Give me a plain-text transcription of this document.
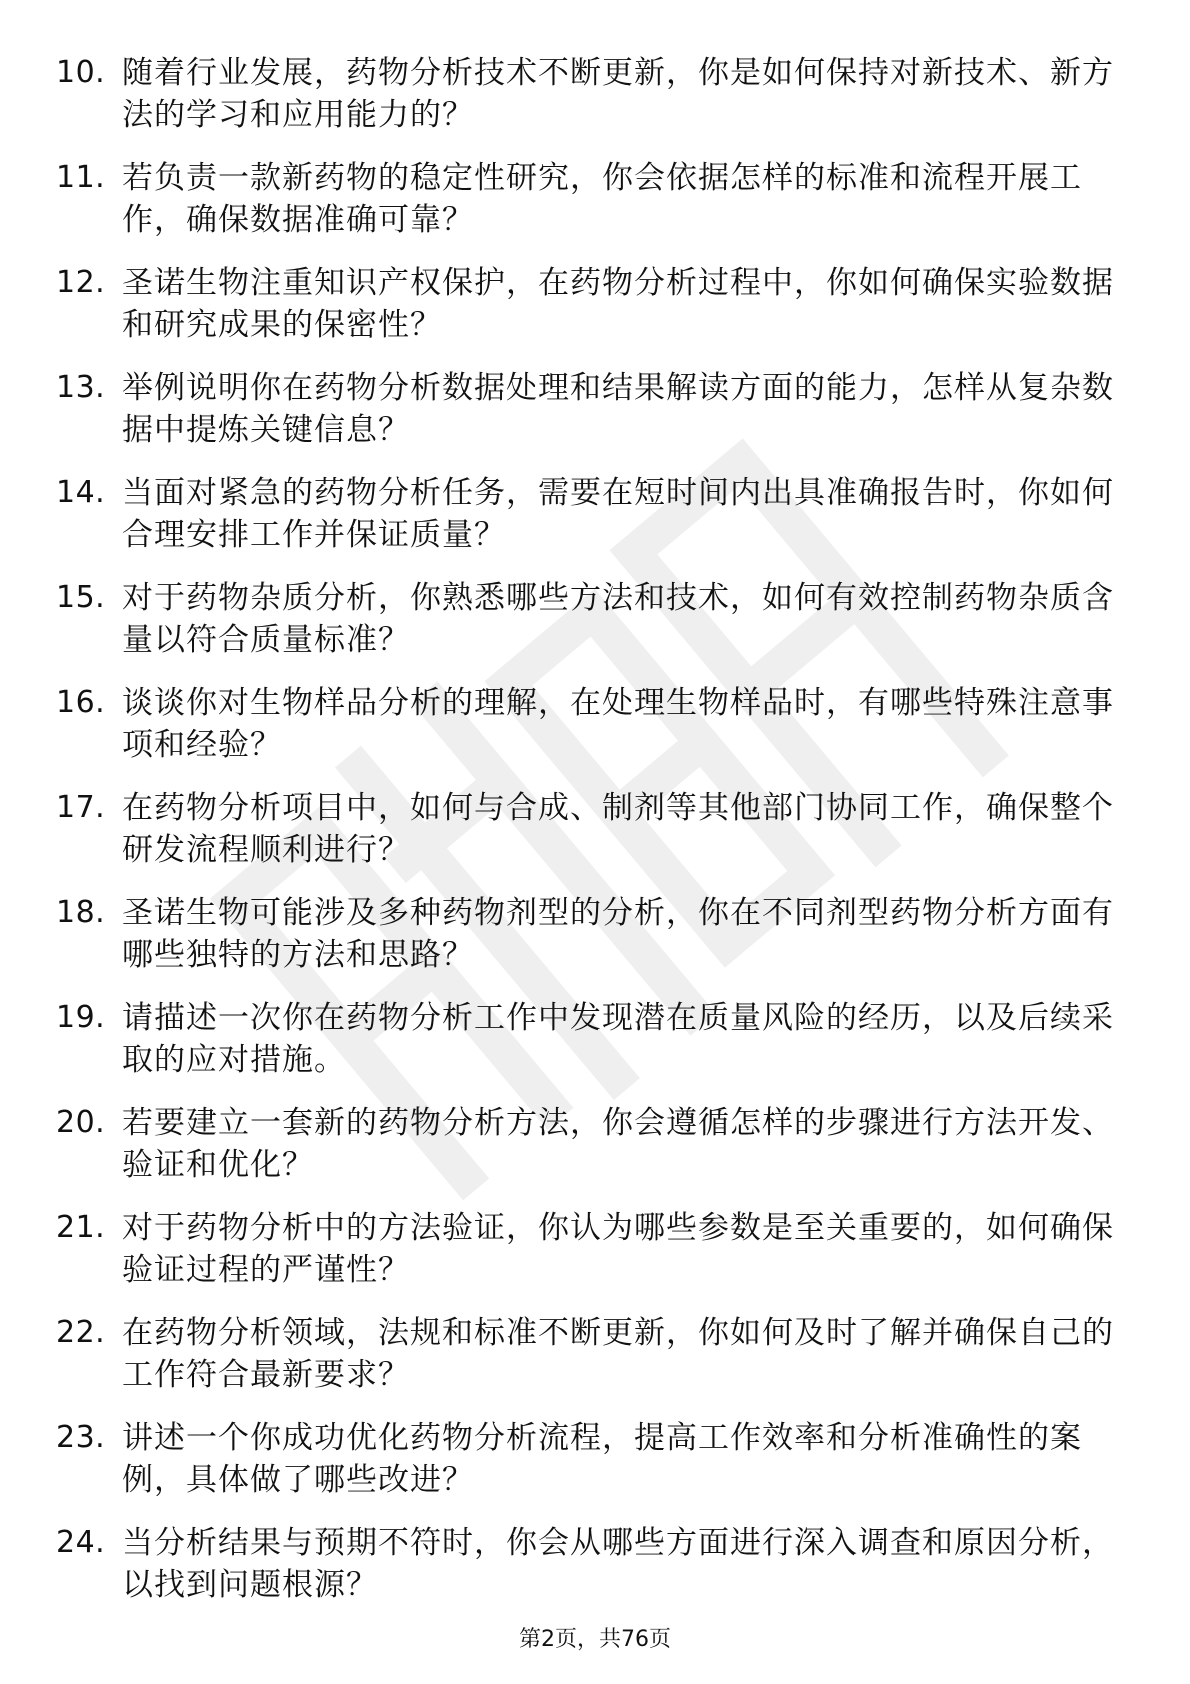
10. 随着行业发展，药物分析技术不断更新，你是如何保持对新技术、新方法的学习和应用能力的？
11. 若负责一款新药物的稳定性研究，你会依据怎样的标准和流程开展工作，确保数据准确可靠？
12. 圣诺生物注重知识产权保护，在药物分析过程中，你如何确保实验数据和研究成果的保密性？
13. 举例说明你在药物分析数据处理和结果解读方面的能力，怎样从复杂数据中提炼关键信息？
14. 当面对紧急的药物分析任务，需要在短时间内出具准确报告时，你如何合理安排工作并保证质量？
15. 对于药物杂质分析，你熟悉哪些方法和技术，如何有效控制药物杂质含量以符合质量标准？
16. 谈谈你对生物样品分析的理解，在处理生物样品时，有哪些特殊注意事项和经验？
17. 在药物分析项目中，如何与合成、制剂等其他部门协同工作，确保整个研发流程顺利进行？
18. 圣诺生物可能涉及多种药物剂型的分析，你在不同剂型药物分析方面有哪些独特的方法和思路？
19. 请描述一次你在药物分析工作中发现潜在质量风险的经历，以及后续采取的应对措施。
20. 若要建立一套新的药物分析方法，你会遵循怎样的步骤进行方法开发、验证和优化？
21. 对于药物分析中的方法验证，你认为哪些参数是至关重要的，如何确保验证过程的严谨性？
22. 在药物分析领域，法规和标准不断更新，你如何及时了解并确保自己的工作符合最新要求？
23. 讲述一个你成功优化药物分析流程，提高工作效率和分析准确性的案例，具体做了哪些改进？
24. 当分析结果与预期不符时，你会从哪些方面进行深入调查和原因分析，以找到问题根源？
第2页，共76页
